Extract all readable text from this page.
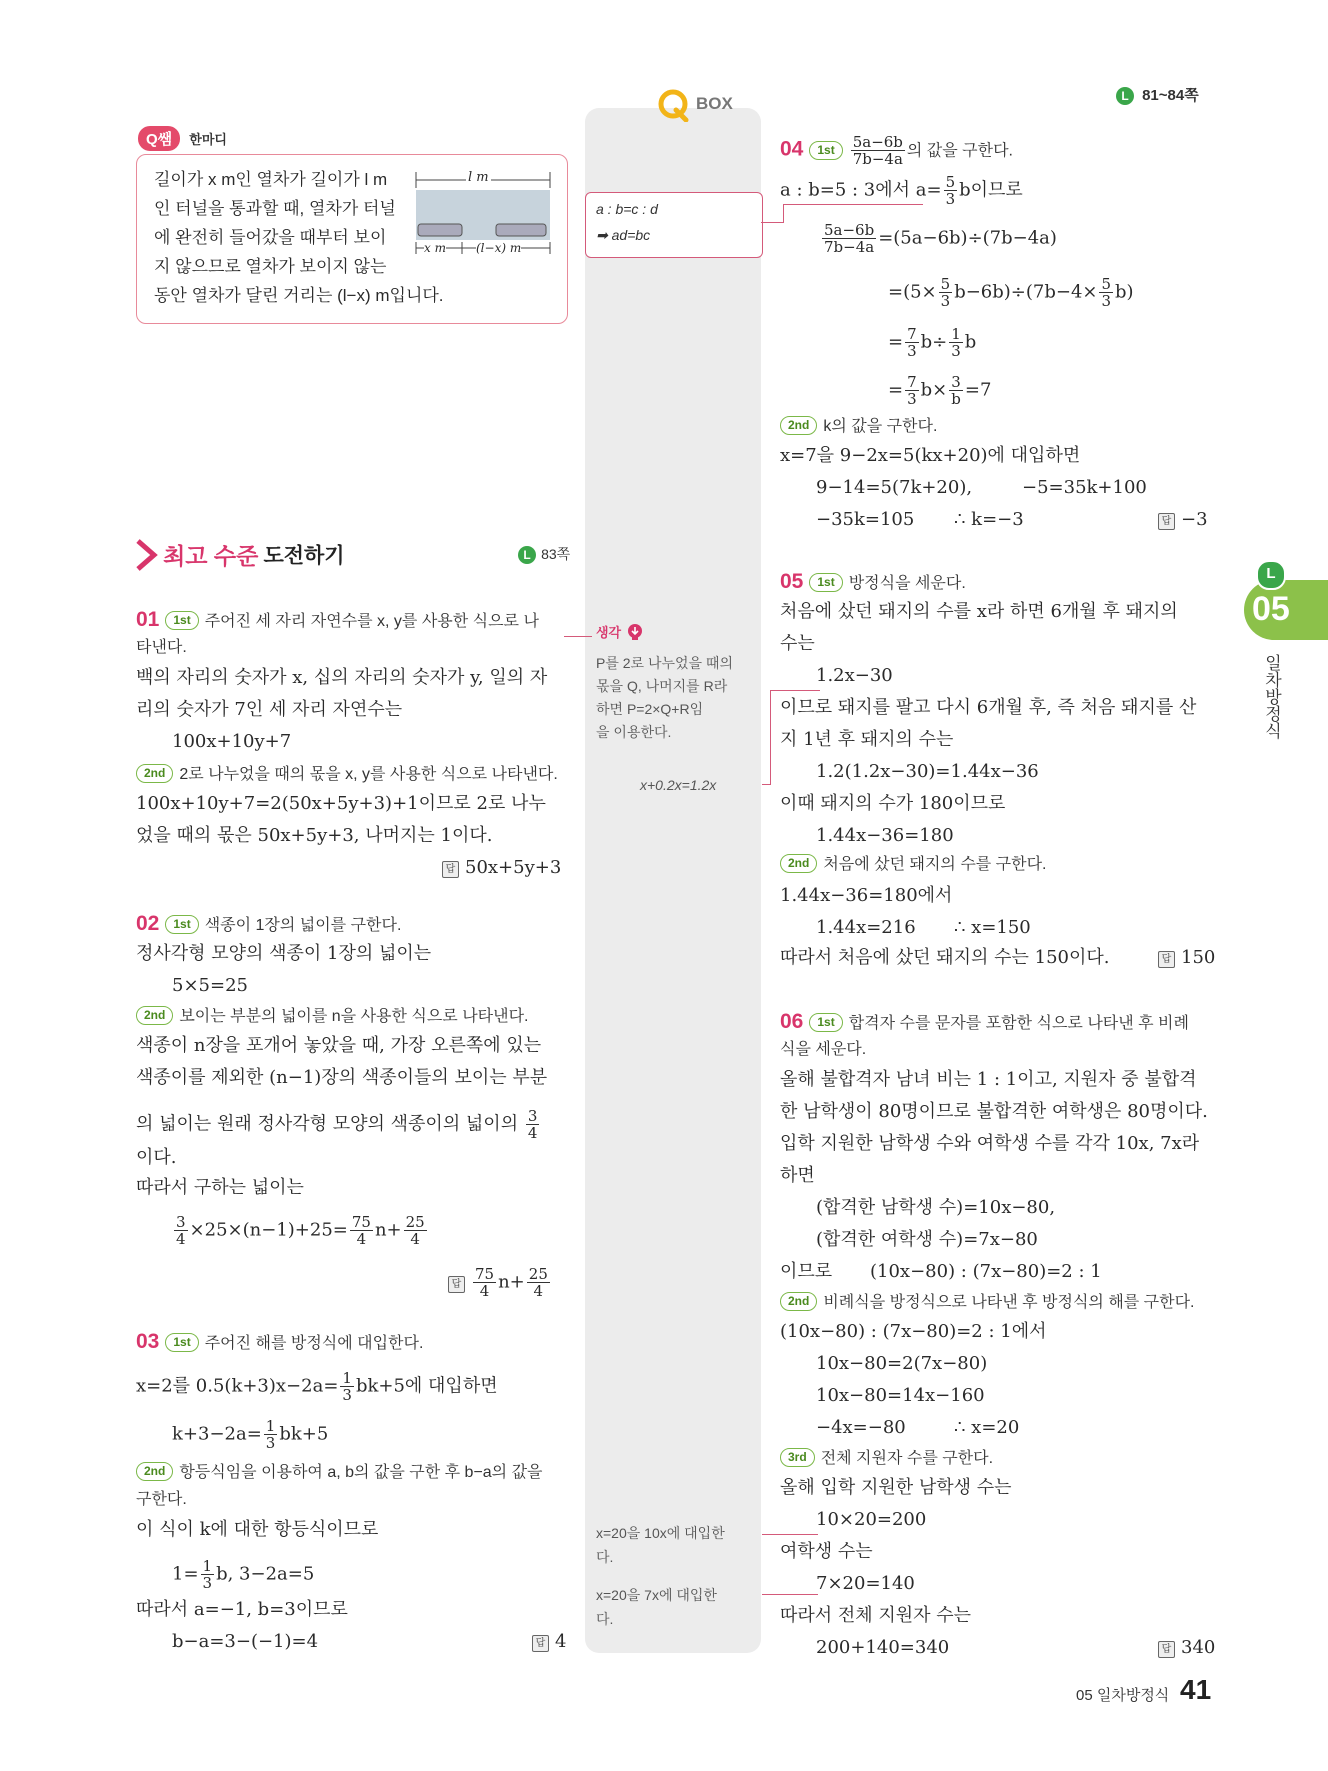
BOX	L 81~84쪽
Q쌤 한마디
길이가 x m인 열차가 길이가 l m
인 터널을 통과할 때, 열차가 터널
에 완전히 들어갔을 때부터 보이
지 않으므로 열차가 보이지 않는
동안 열차가 달린 거리는 (l−x) m입니다.
l m
x m	(l−x) m
최고 수준 도전하기	L 83쪽
05
L
일차방정식
a : b=c : d
➡ ad=bc
생각
P를 2로 나누었을 때의
몫을 Q, 나머지를 R라
하면 P=2×Q+R임
을 이용한다.
x+0.2x=1.2x
x=20을 10x에 대입한
다.
x=20을 7x에 대입한
다.
01 1st 주어진 세 자리 자연수를 x, y를 사용한 식으로 나
타낸다.
백의 자리의 숫자가 x, 십의 자리의 숫자가 y, 일의 자
리의 숫자가 7인 세 자리 자연수는
100x+10y+7
2nd 2로 나누었을 때의 몫을 x, y를 사용한 식으로 나타낸다.
100x+10y+7=2(50x+5y+3)+1이므로 2로 나누
었을 때의 몫은 50x+5y+3, 나머지는 1이다.
답 50x+5y+3
02 1st 색종이 1장의 넓이를 구한다.
정사각형 모양의 색종이 1장의 넓이는
5×5=25
2nd 보이는 부분의 넓이를 n을 사용한 식으로 나타낸다.
색종이 n장을 포개어 놓았을 때, 가장 오른쪽에 있는
색종이를 제외한 (n−1)장의 색종이들의 보이는 부분
의 넓이는 원래 정사각형 모양의 색종이의 넓이의 $\frac{3}{4}$
이다.
따라서 구하는 넓이는
$\frac{3}{4} \times 25\times(n-1)+25= \frac{75}{4} n+ \frac{25}{4}$
답 $\frac{75}{4} n+ \frac{25}{4}$
03 1st 주어진 해를 방정식에 대입한다.
x=2를 $0.5(k+3)x-2a= \frac{1}{3} bk+5$에 대입하면
$k+3-2a= \frac{1}{3} bk+5$
2nd 항등식임을 이용하여 a, b의 값을 구한 후 b−a의 값을
구한다.
이 식이 k에 대한 항등식이므로
$1= \frac{1}{3} b$, 3−2a=5
따라서 a=−1, b=3이므로
b−a=3−(−1)=4	답 4
04 $1st \frac{5a-6b}{7b-4a}$ 의 값을 구한다.
a : b=5 : 3에서 $a= \frac{5}{3}$ b이므로
$\frac{5a-6b}{7b-4a} =(5a-6b)\div(7b-4a)$
$=(5\times \frac{5}{3} b-6b)\div(7b-4\times \frac{5}{3} b)$
= $\frac{7}{3} b\div \frac{1}{3}$ b
= $\frac{7}{3} b\times \frac{3}{b} =7$
2nd k의 값을 구한다.
x=7을 9−2x=5(kx+20)에 대입하면
9−14=5(7k+20),	−5=35k+100
−35k=105 ∴ k=−3	답 −3
05 1st 방정식을 세운다.
처음에 샀던 돼지의 수를 x라 하면 6개월 후 돼지의
수는
1.2x−30
이므로 돼지를 팔고 다시 6개월 후, 즉 처음 돼지를 산
지 1년 후 돼지의 수는
1.2(1.2x−30)=1.44x−36
이때 돼지의 수가 180이므로
1.44x−36=180
2nd 처음에 샀던 돼지의 수를 구한다.
1.44x−36=180에서
1.44x=216 ∴ x=150
따라서 처음에 샀던 돼지의 수는 150이다.	답 150
06 1st 합격자 수를 문자를 포함한 식으로 나타낸 후 비례
식을 세운다.
올해 불합격자 남녀 비는 1 : 1이고, 지원자 중 불합격
한 남학생이 80명이므로 불합격한 여학생은 80명이다.
입학 지원한 남학생 수와 여학생 수를 각각 10x, 7x라
하면
(합격한 남학생 수)=10x−80,
(합격한 여학생 수)=7x−80
이므로 (10x−80) : (7x−80)=2 : 1
2nd 비례식을 방정식으로 나타낸 후 방정식의 해를 구한다.
(10x−80) : (7x−80)=2 : 1에서
10x−80=2(7x−80)
10x−80=14x−160
−4x=−80	∴ x=20
3rd 전체 지원자 수를 구한다.
올해 입학 지원한 남학생 수는
10×20=200
여학생 수는
7×20=140
따라서 전체 지원자 수는
200+140=340	답 340
05 일차방정식 41
